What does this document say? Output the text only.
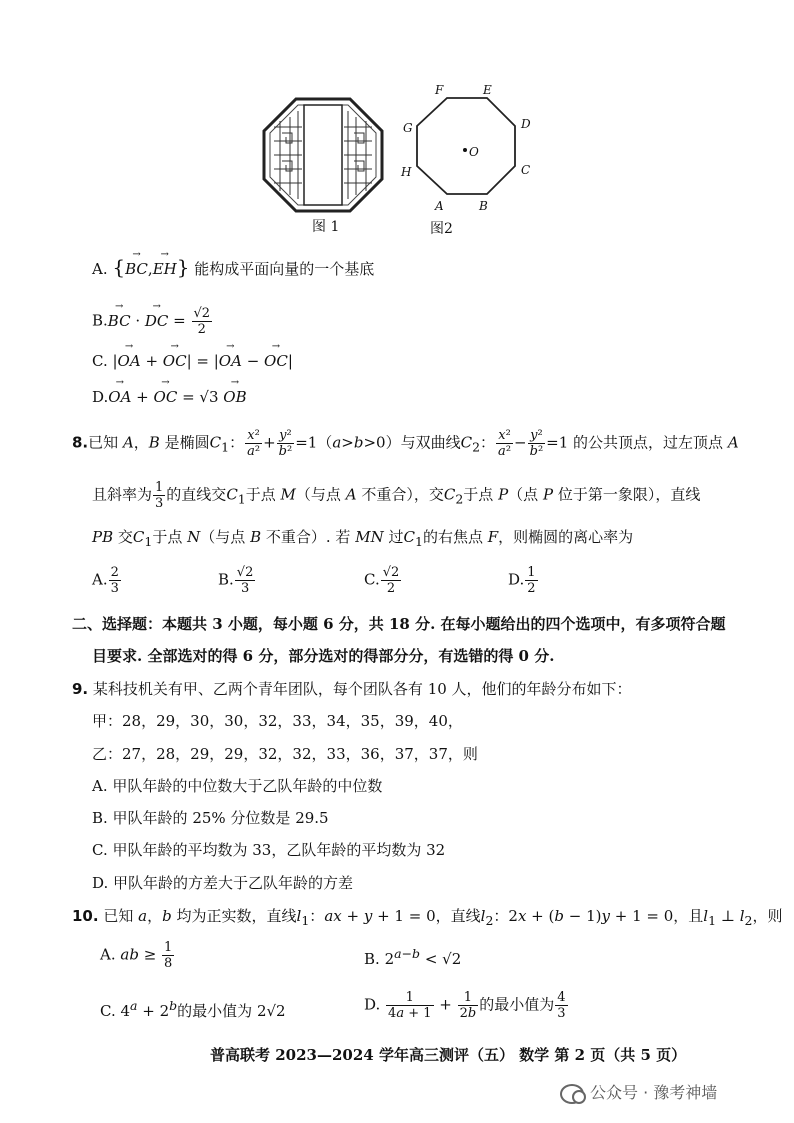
图 1
F	E
D
G
C
H
A	B
O
图2
A. {→ BC,→ EH} 能构成平面向量的一个基底
B.→ BC · → DC = $\frac{√2}{2}$
C. |→ OA + → OC| = |→ OA − → OC|
D.→ OA + → OC = √3 → OB
8.已知 A，B 是椭圆$C_1$： $\frac{\text{x²}}{\text{a²}} + \frac{\text{y²}}{\text{b²}} =1(a>b>0)$与双曲线$C_2$： $\frac{\text{x²}}{\text{a²}} - \frac{\text{y²}}{\text{b²}} =1$ 的公共顶点，过左顶点 A
且斜率为 $\frac{1}{3}$ 的直线交$C_1$于点 M（与点 A 不重合），交$C_2$于点 P（点 P 位于第一象限），直线
PB 交$C_1$于点 N（与点 B 不重合）. 若 MN 过$C_1$的右焦点 F，则椭圆的离心率为
A. $\frac{2}{3}$	B. $\frac{√2}{3}$	C. $\frac{√2}{2}$	D. $\frac{1}{2}$
二、选择题：本题共 3 小题，每小题 6 分，共 18 分. 在每小题给出的四个选项中，有多项符合题
目要求. 全部选对的得 6 分，部分选对的得部分分，有选错的得 0 分.
9. 某科技机关有甲、乙两个青年团队，每个团队各有 10 人，他们的年龄分布如下：
甲：28，29，30，30，32，33，34，35，39，40，
乙：27，28，29，29，32，32，33，36，37，37，则
A. 甲队年龄的中位数大于乙队年龄的中位数
B. 甲队年龄的 25% 分位数是 29.5
C. 甲队年龄的平均数为 33，乙队年龄的平均数为 32
D. 甲队年龄的方差大于乙队年龄的方差
10. 已知 a，b 均为正实数，直线$l_1$：ax + y + 1 = 0，直线$l_2$：2x + (b − 1)y + 1 = 0，且$l_1$ ⊥ $l_2$，则
A. ab ≥ $\frac{1}{8}$	B. $2^{a-b} < √2$
C. $4^a + 2^b$的最小值为 2√2	D. $\frac{1}{4a + 1} + \frac{1}{2b}$ 的最小值为 $\frac{4}{3}$
普高联考 2023—2024 学年高三测评（五） 数学 第 2 页（共 5 页）
公众号 · 豫考神墙
